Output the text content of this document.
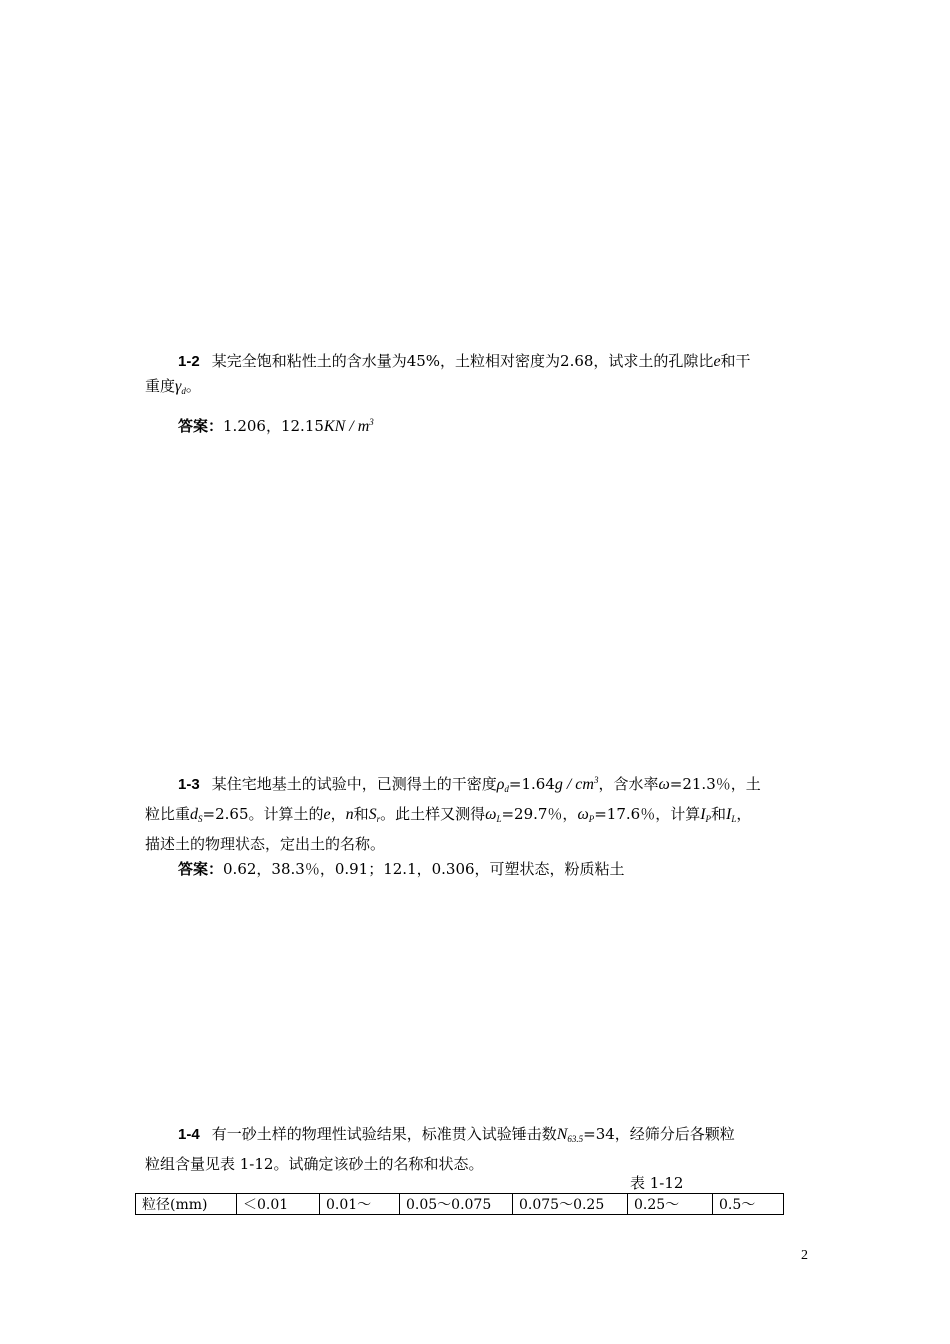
1-2 某完全饱和粘性土的含水量为45%，土粒相对密度为2.68，试求土的孔隙比e和干
重度$\gamma_d$。
答案：1.206，$12.15KN / m^3$
1-3 某住宅地基土的试验中，已测得土的干密度$\rho_d=1.64g / cm^3$，含水率ω=21.3％，土
粒比重$d_S=2.65$。计算土的e，n和$S_r$。此土样又测得$\omega_L=29.7$％，$\omega_P=17.6$％，计算$I_P$和$I_L$，
描述土的物理状态，定出土的名称。
答案：0.62，38.3％，0.91；12.1，0.306，可塑状态，粉质粘土
1-4 有一砂土样的物理性试验结果，标准贯入试验锤击数$N_{63.5}=34$，经筛分后各颗粒
粒组含量见表 1-12。试确定该砂土的名称和状态。
表 1-12
粒径(mm)	＜0.01	0.01～	0.05～0.075	0.075～0.25	0.25～	0.5～
2
